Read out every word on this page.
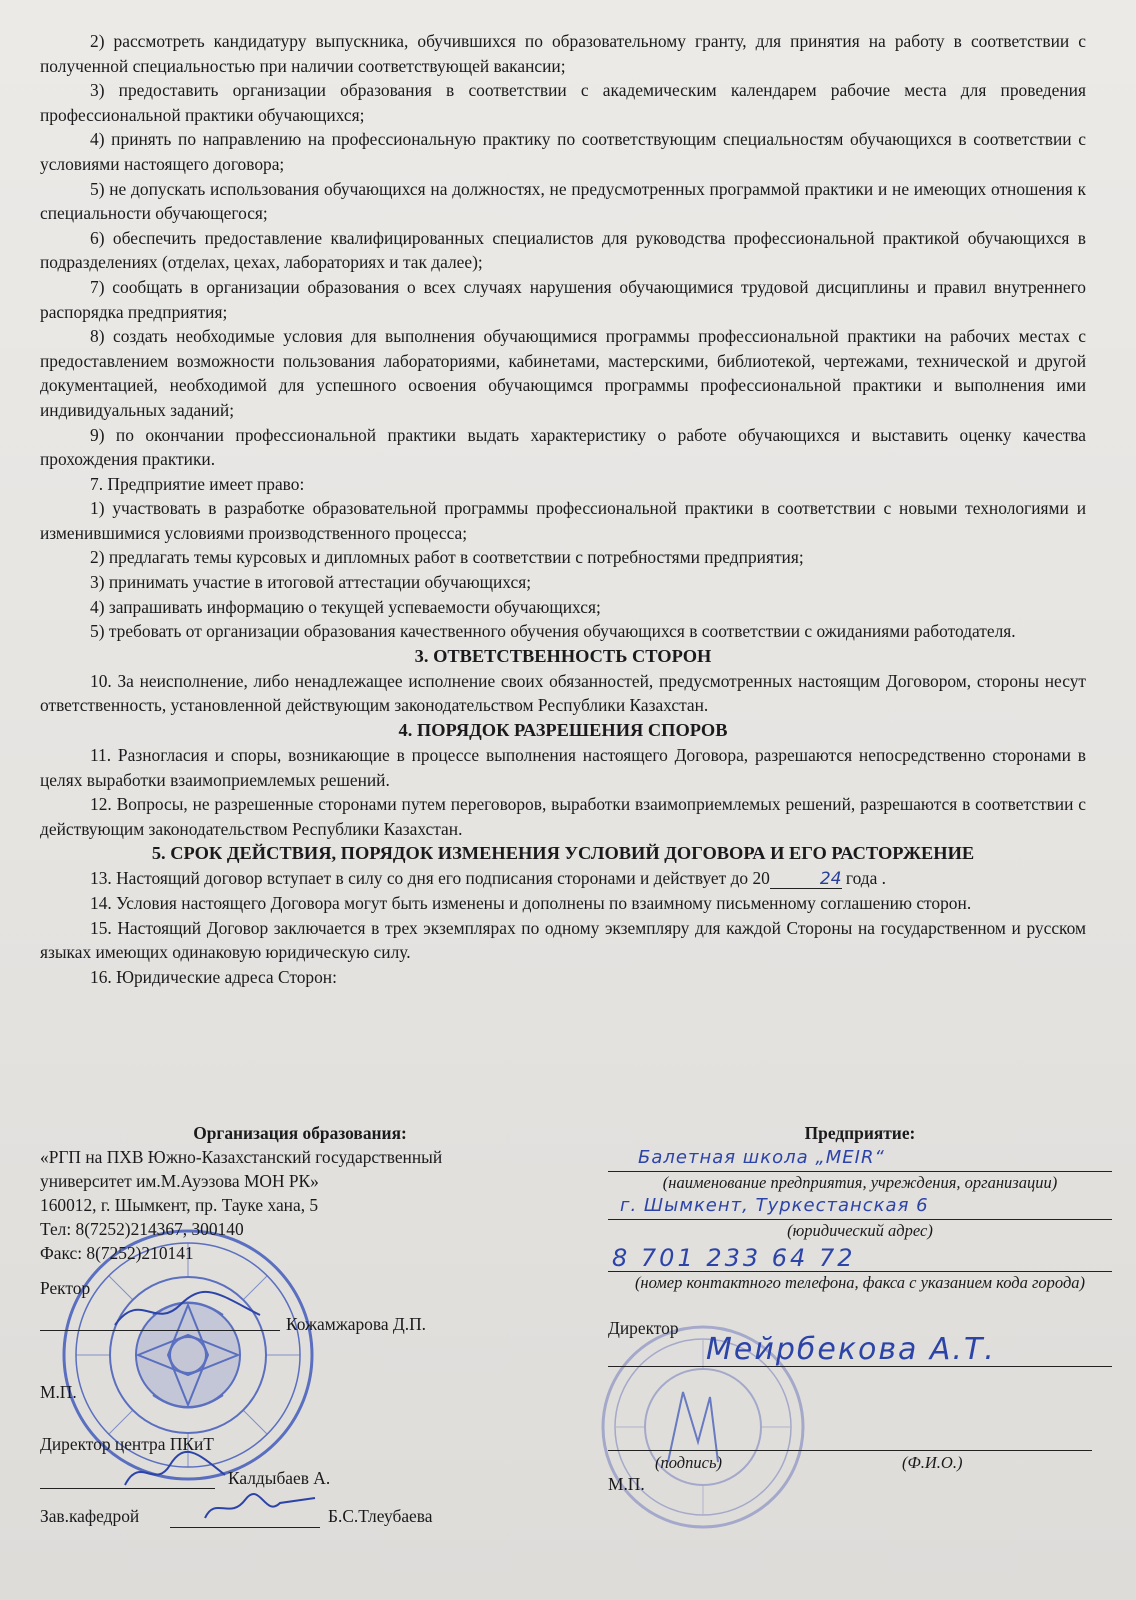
2) рассмотреть кандидатуру выпускника, обучившихся по образовательному гранту, для принятия на работу в соответствии с полученной специальностью при наличии соответствующей вакансии;

3) предоставить организации образования в соответствии с академическим календарем рабочие места для проведения профессиональной практики обучающихся;

4) принять по направлению на профессиональную практику по соответствующим специальностям обучающихся в соответствии с условиями настоящего договора;

5) не допускать использования обучающихся на должностях, не предусмотренных программой практики и не имеющих отношения к специальности обучающегося;

6) обеспечить предоставление квалифицированных специалистов для руководства профессиональной практикой обучающихся в подразделениях (отделах, цехах, лабораториях и так далее);

7) сообщать в организации образования о всех случаях нарушения обучающимися трудовой дисциплины и правил внутреннего распорядка предприятия;

8) создать необходимые условия для выполнения обучающимися программы профессиональной практики на рабочих местах с предоставлением возможности пользования лабораториями, кабинетами, мастерскими, библиотекой, чертежами, технической и другой документацией, необходимой для успешного освоения обучающимся программы профессиональной практики и выполнения ими индивидуальных заданий;

9) по окончании профессиональной практики выдать характеристику о работе обучающихся и выставить оценку качества прохождения практики.

7. Предприятие имеет право:

1) участвовать в разработке образовательной программы профессиональной практики в соответствии с новыми технологиями и изменившимися условиями производственного процесса;

2) предлагать темы курсовых и дипломных работ в соответствии с потребностями предприятия;

3) принимать участие в итоговой аттестации обучающихся;

4) запрашивать информацию о текущей успеваемости обучающихся;

5) требовать от организации образования качественного обучения обучающихся в соответствии с ожиданиями работодателя.

3. ОТВЕТСТВЕННОСТЬ СТОРОН

10. За неисполнение, либо ненадлежащее исполнение своих обязанностей, предусмотренных настоящим Договором, стороны несут ответственность, установленной действующим законодательством Республики Казахстан.

4. ПОРЯДОК РАЗРЕШЕНИЯ СПОРОВ

11. Разногласия и споры, возникающие в процессе выполнения настоящего Договора, разрешаются непосредственно сторонами в целях выработки взаимоприемлемых решений.

12. Вопросы, не разрешенные сторонами путем переговоров, выработки взаимоприемлемых решений, разрешаются в соответствии с действующим законодательством Республики Казахстан.

5. СРОК ДЕЙСТВИЯ, ПОРЯДОК ИЗМЕНЕНИЯ УСЛОВИЙ ДОГОВОРА И ЕГО РАСТОРЖЕНИЕ

13. Настоящий договор вступает в силу со дня его подписания сторонами и действует до 20	24 года .

14. Условия настоящего Договора могут быть изменены и дополнены по взаимному письменному соглашению сторон.

15. Настоящий Договор заключается в трех экземплярах по одному экземпляру для каждой Стороны на государственном и русском языках имеющих одинаковую юридическую силу.

16. Юридические адреса Сторон:

Организация образования:
«РГП на ПХВ Южно-Казахстанский государственный
университет им.М.Ауэзова МОН РК»
160012, г. Шымкент, пр. Тауке хана, 5
Тел: 8(7252)214367, 300140
Факс: 8(7252)210141
Ректор
Кожамжарова Д.П.
М.П.
Директор центра ПКиТ
Калдыбаев А.
Зав.кафедрой	Б.С.Тлеубаева
Предприятие:
Балетная школа „MEIR“
(наименование предприятия, учреждения, организации)
г. Шымкент, Туркестанская 6
(юридический адрес)
8 701 233 64 72
(номер контактного телефона, факса с указанием кода города)
Директор
Мейрбекова А.Т.
(подпись)	(Ф.И.О.)
М.П.
